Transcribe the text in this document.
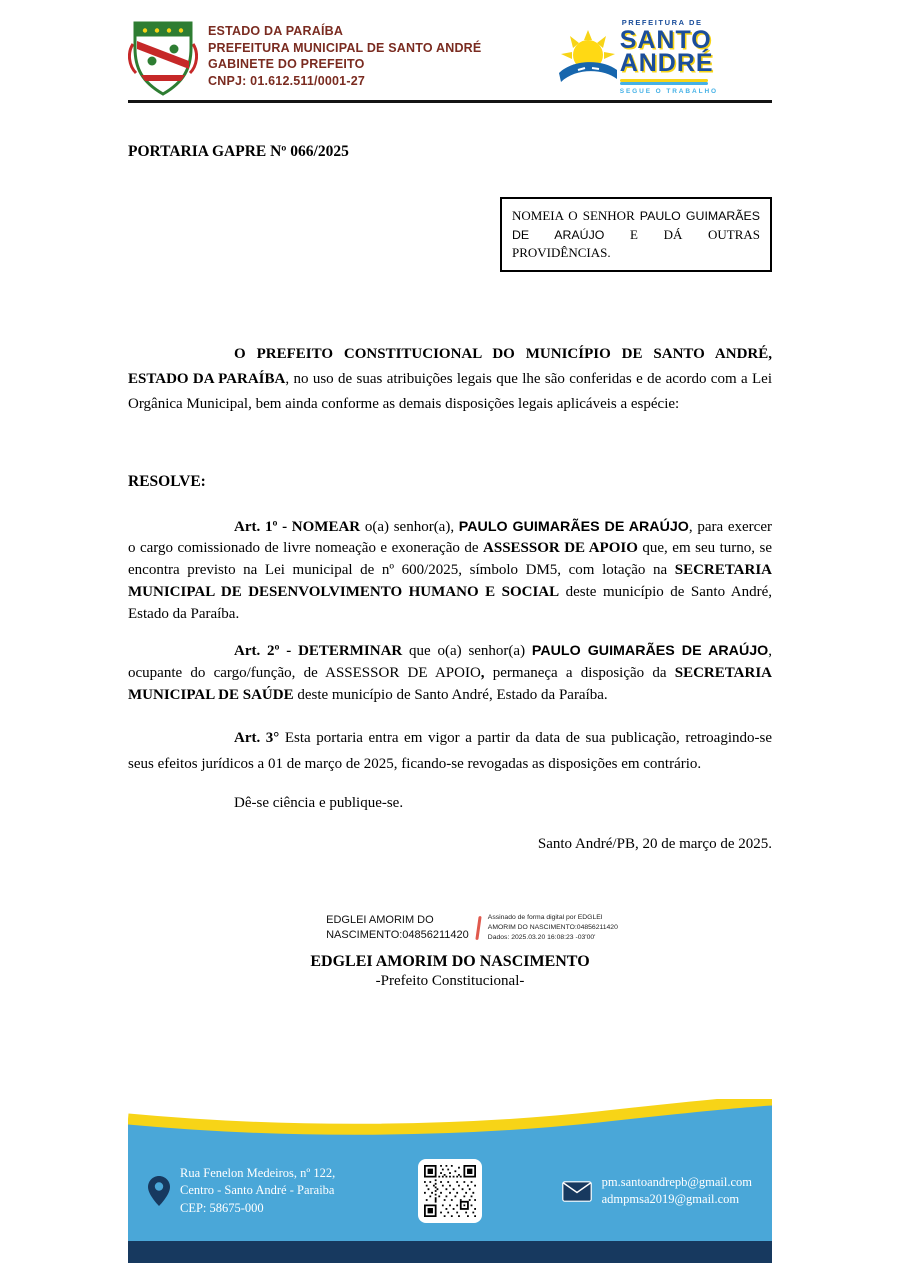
ESTADO DA PARAÍBA
PREFEITURA MUNICIPAL DE SANTO ANDRÉ
GABINETE DO PREFEITO
CNPJ: 01.612.511/0001-27
PREFEITURA DE
SANTO
ANDRÉ
SEGUE O TRABALHO
PORTARIA GAPRE Nº 066/2025
NOMEIA O SENHOR PAULO GUIMARÃES DE ARAÚJO E DÁ OUTRAS PROVIDÊNCIAS.

O PREFEITO CONSTITUCIONAL DO MUNICÍPIO DE SANTO ANDRÉ, ESTADO DA PARAÍBA, no uso de suas atribuições legais que lhe são conferidas e de acordo com a Lei Orgânica Municipal, bem ainda conforme as demais disposições legais aplicáveis a espécie:

RESOLVE:

Art. 1º - NOMEAR o(a) senhor(a), PAULO GUIMARÃES DE ARAÚJO, para exercer o cargo comissionado de livre nomeação e exoneração de ASSESSOR DE APOIO que, em seu turno, se encontra previsto na Lei municipal de nº 600/2025, símbolo DM5, com lotação na SECRETARIA MUNICIPAL DE DESENVOLVIMENTO HUMANO E SOCIAL deste município de Santo André, Estado da Paraíba.

Art. 2º - DETERMINAR que o(a) senhor(a) PAULO GUIMARÃES DE ARAÚJO, ocupante do cargo/função, de ASSESSOR DE APOIO, permaneça a disposição da SECRETARIA MUNICIPAL DE SAÚDE deste município de Santo André, Estado da Paraíba.

Art. 3° Esta portaria entra em vigor a partir da data de sua publicação, retroagindo-se seus efeitos jurídicos a 01 de março de 2025, ficando-se revogadas as disposições em contrário.

Dê-se ciência e publique-se.
Santo André/PB, 20 de março de 2025.
EDGLEI AMORIM DO
NASCIMENTO:04856211420
Assinado de forma digital por EDGLEI
AMORIM DO NASCIMENTO:04856211420
Dados: 2025.03.20 16:08:23 -03'00'
EDGLEI AMORIM DO NASCIMENTO
-Prefeito Constitucional-
Rua Fenelon Medeiros, nº 122,
Centro - Santo André - Paraiba
CEP: 58675-000
pm.santoandrepb@gmail.com
admpmsa2019@gmail.com
